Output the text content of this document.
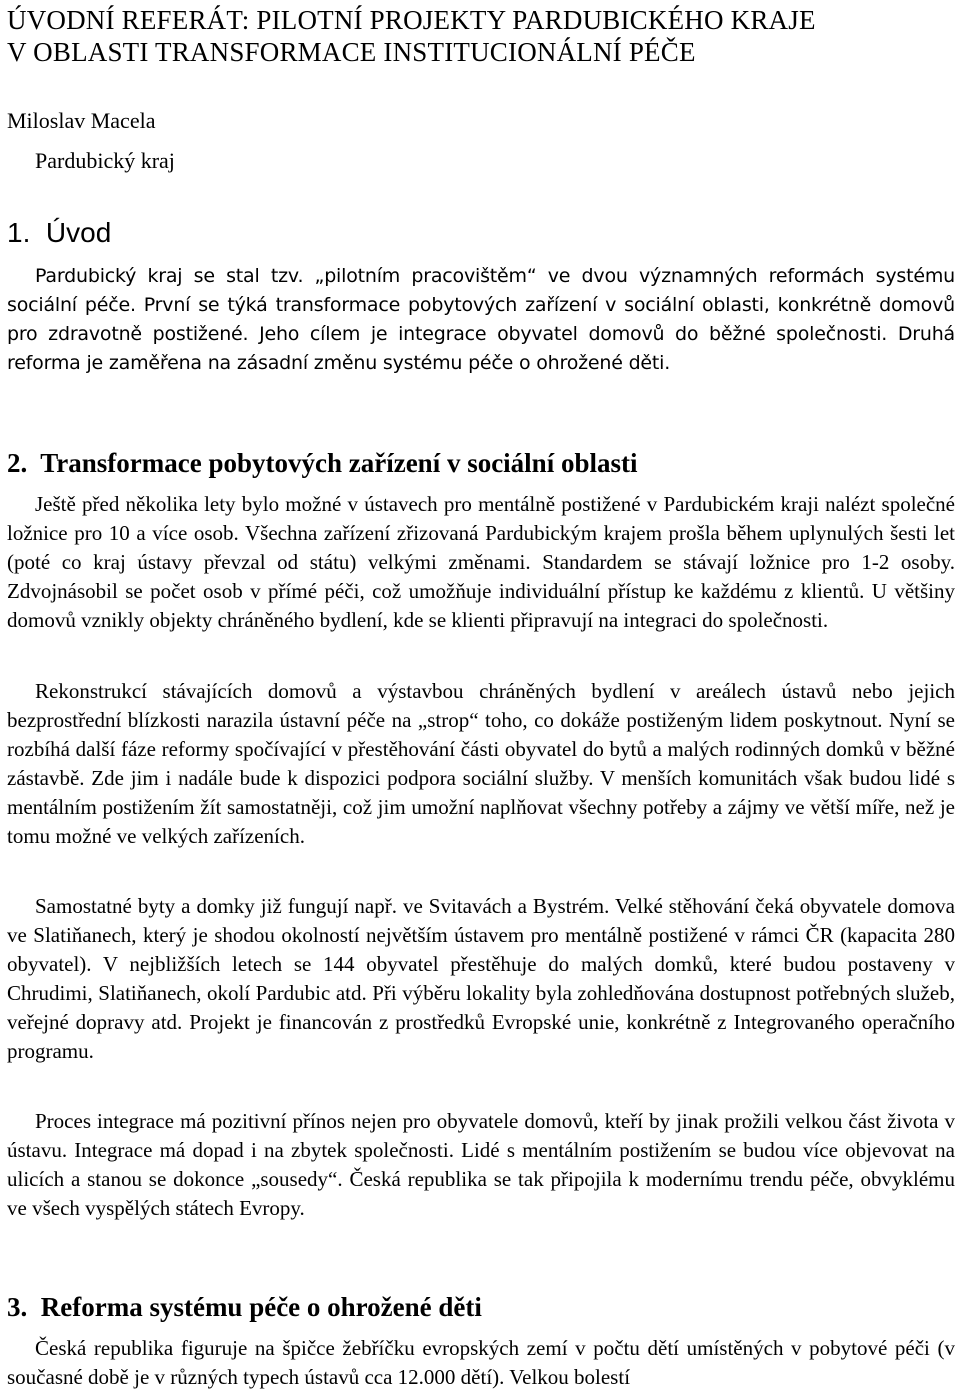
ÚVODNÍ REFERÁT: PILOTNÍ PROJEKTY PARDUBICKÉHO KRAJE
V OBLASTI TRANSFORMACE INSTITUCIONÁLNÍ PÉČE
Miloslav Macela
Pardubický kraj
1. Úvod

Pardubický kraj se stal tzv. „pilotním pracovištěm“ ve dvou významných reformách systému sociální péče. První se týká transformace pobytových zařízení v sociální oblasti, konkrétně domovů pro zdravotně postižené. Jeho cílem je integrace obyvatel domovů do běžné společnosti. Druhá reforma je zaměřena na zásadní změnu systému péče o ohrožené děti.

2. Transformace pobytových zařízení v sociální oblasti

Ještě před několika lety bylo možné v ústavech pro mentálně postižené v Pardubickém kraji nalézt společné ložnice pro 10 a více osob. Všechna zařízení zřizovaná Pardubickým krajem prošla během uplynulých šesti let (poté co kraj ústavy převzal od státu) velkými změnami. Standardem se stávají ložnice pro 1-2 osoby. Zdvojnásobil se počet osob v přímé péči, což umožňuje individuální přístup ke každému z klientů. U většiny domovů vznikly objekty chráněného bydlení, kde se klienti připravují na integraci do společnosti.

Rekonstrukcí stávajících domovů a výstavbou chráněných bydlení v areálech ústavů nebo jejich bezprostřední blízkosti narazila ústavní péče na „strop“ toho, co dokáže postiženým lidem poskytnout. Nyní se rozbíhá další fáze reformy spočívající v přestěhování části obyvatel do bytů a malých rodinných domků v běžné zástavbě. Zde jim i nadále bude k dispozici podpora sociální služby. V menších komunitách však budou lidé s mentálním postižením žít samostatněji, což jim umožní naplňovat všechny potřeby a zájmy ve větší míře, než je tomu možné ve velkých zařízeních.

Samostatné byty a domky již fungují např. ve Svitavách a Bystrém. Velké stěhování čeká obyvatele domova ve Slatiňanech, který je shodou okolností největším ústavem pro mentálně postižené v rámci ČR (kapacita 280 obyvatel). V nejbližších letech se 144 obyvatel přestěhuje do malých domků, které budou postaveny v Chrudimi, Slatiňanech, okolí Pardubic atd. Při výběru lokality byla zohledňována dostupnost potřebných služeb, veřejné dopravy atd. Projekt je financován z prostředků Evropské unie, konkrétně z Integrovaného operačního programu.

Proces integrace má pozitivní přínos nejen pro obyvatele domovů, kteří by jinak prožili velkou část života v ústavu. Integrace má dopad i na zbytek společnosti. Lidé s mentálním postižením se budou více objevovat na ulicích a stanou se dokonce „sousedy“. Česká republika se tak připojila k modernímu trendu péče, obvyklému ve všech vyspělých státech Evropy.

3. Reforma systému péče o ohrožené děti

Česká republika figuruje na špičce žebříčku evropských zemí v počtu dětí umístěných v pobytové péči (v současné době je v různých typech ústavů cca 12.000 dětí). Velkou bolestí
